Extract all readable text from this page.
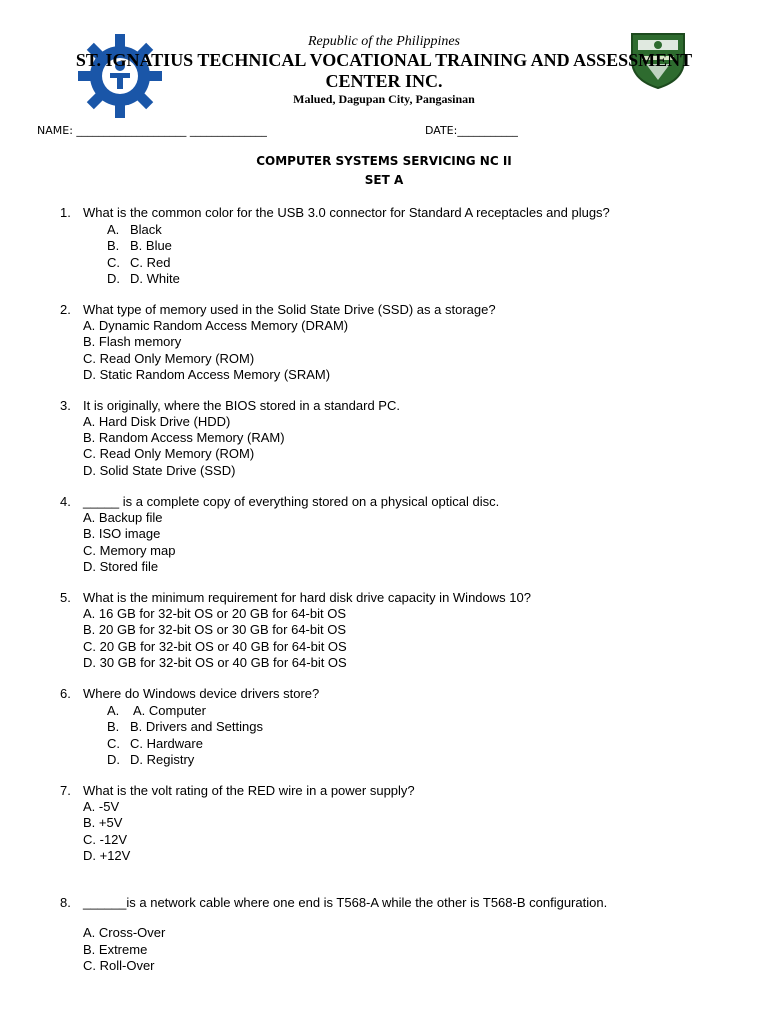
Republic of the Philippines
ST. IGNATIUS TECHNICAL VOCATIONAL TRAINING AND ASSESSMENT
CENTER INC.
Malued, Dagupan City, Pangasinan
NAME: ____________________ ______________	DATE:___________
COMPUTER SYSTEMS SERVICING NC II
SET A
1. What is the common color for the USB 3.0 connector for Standard A receptacles and plugs?
A. Black
B. B. Blue
C. C. Red
D. D. White
2. What type of memory used in the Solid State Drive (SSD) as a storage?
A. Dynamic Random Access Memory (DRAM)
B. Flash memory
C. Read Only Memory (ROM)
D. Static Random Access Memory (SRAM)
3. It is originally, where the BIOS stored in a standard PC.
A. Hard Disk Drive (HDD)
B. Random Access Memory (RAM)
C. Read Only Memory (ROM)
D. Solid State Drive (SSD)
4. _____ is a complete copy of everything stored on a physical optical disc.
A. Backup file
B. ISO image
C. Memory map
D. Stored file
5. What is the minimum requirement for hard disk drive capacity in Windows 10?
A. 16 GB for 32-bit OS or 20 GB for 64-bit OS
B. 20 GB for 32-bit OS or 30 GB for 64-bit OS
C. 20 GB for 32-bit OS or 40 GB for 64-bit OS
D. 30 GB for 32-bit OS or 40 GB for 64-bit OS
6. Where do Windows device drivers store?
A. A. Computer
B. B. Drivers and Settings
C. C. Hardware
D. D. Registry
7. What is the volt rating of the RED wire in a power supply?
A. -5V
B. +5V
C. -12V
D. +12V
8. ______is a network cable where one end is T568-A while the other is T568-B configuration.
A. Cross-Over
B. Extreme
C. Roll-Over
